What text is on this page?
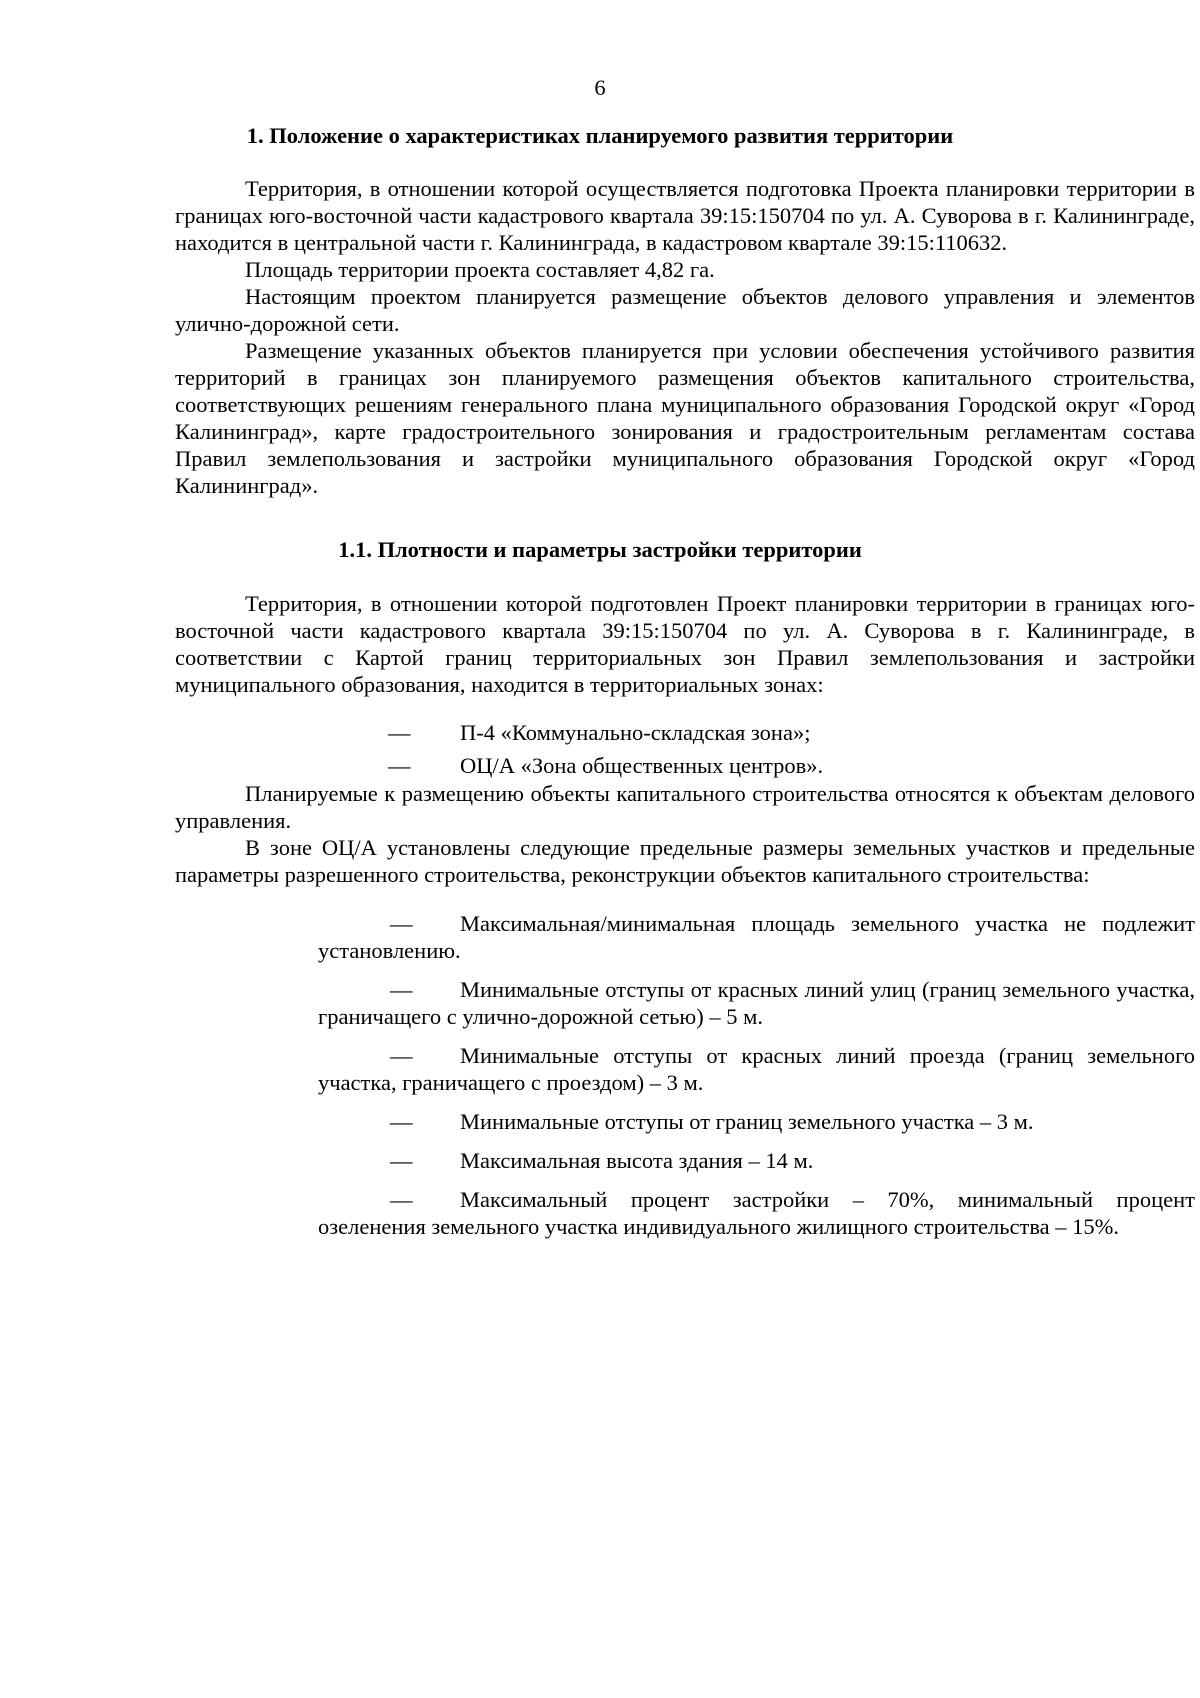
6
1. Положение о характеристиках планируемого развития территории

Территория, в отношении которой осуществляется подготовка Проекта планировки территории в границах юго-восточной части кадастрового квартала 39:15:150704 по ул. А. Суворова в г. Калининграде, находится в центральной части г. Калининграда, в кадастровом квартале 39:15:110632.

Площадь территории проекта составляет 4,82 га.

Настоящим проектом планируется размещение объектов делового управления и элементов улично-дорожной сети.

Размещение указанных объектов планируется при условии обеспечения устойчивого развития территорий в границах зон планируемого размещения объектов капитального строительства, соответствующих решениям генерального плана муниципального образования Городской округ «Город Калининград», карте градостроительного зонирования и градостроительным регламентам состава Правил землепользования и застройки муниципального образования Городской округ «Город Калининград».

1.1. Плотности и параметры застройки территории

Территория, в отношении которой подготовлен Проект планировки территории в границах юго-восточной части кадастрового квартала 39:15:150704 по ул. А. Суворова в г. Калининграде, в соответствии с Картой границ территориальных зон Правил землепользования и застройки муниципального образования, находится в территориальных зонах:

— П-4 «Коммунально-складская зона»;
— ОЦ/А «Зона общественных центров».

Планируемые к размещению объекты капитального строительства относятся к объектам делового управления.

В зоне ОЦ/А установлены следующие предельные размеры земельных участков и предельные параметры разрешенного строительства, реконструкции объектов капитального строительства:

— Максимальная/минимальная площадь земельного участка не подлежит установлению.
— Минимальные отступы от красных линий улиц (границ земельного участка, граничащего с улично-дорожной сетью) – 5 м.
— Минимальные отступы от красных линий проезда (границ земельного участка, граничащего с проездом) – 3 м.
— Минимальные отступы от границ земельного участка – 3 м.
— Максимальная высота здания – 14 м.
— Максимальный процент застройки – 70%, минимальный процент озеленения земельного участка индивидуального жилищного строительства – 15%.
